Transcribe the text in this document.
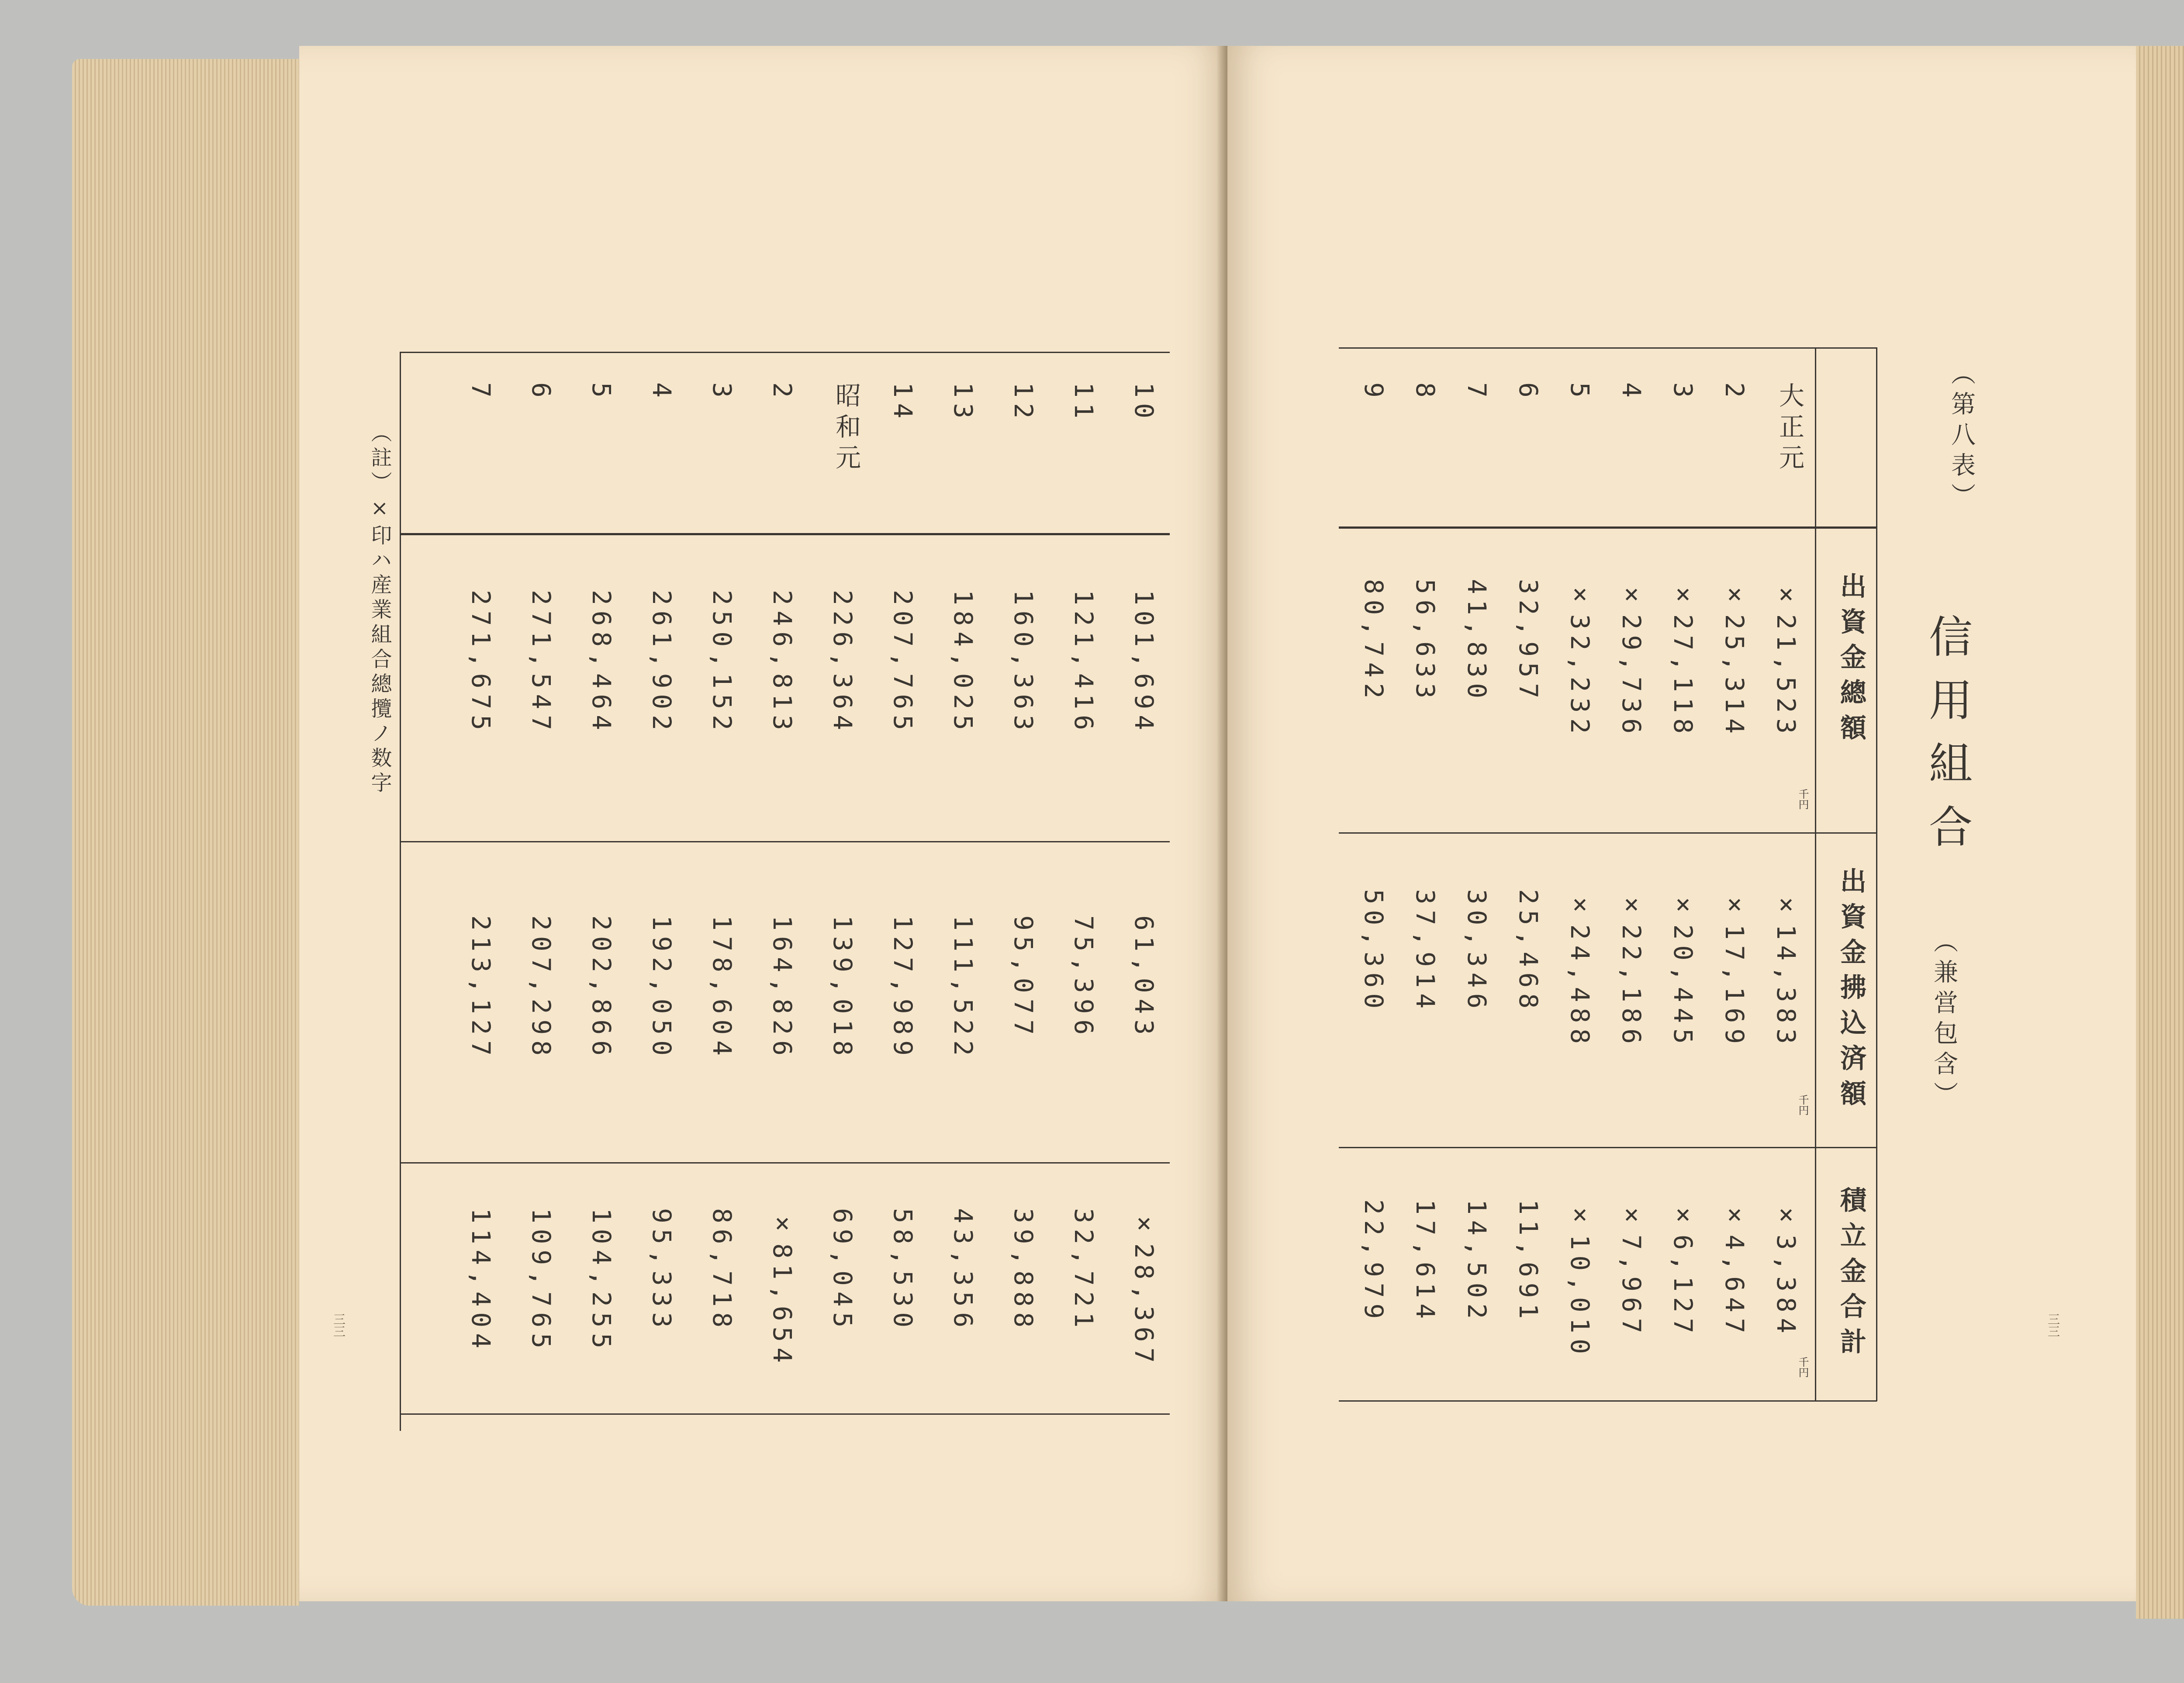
10
11
12
13
14
昭和元
2
3
4
5
6
7
101,694
121,416
160,363
184,025
207,765
226,364
246,813
250,152
261,902
268,464
271,547
271,675
61,043
75,396
95,077
111,522
127,989
139,018
164,826
178,604
192,050
202,866
207,298
213,127
×28,367
32,721
39,888
43,356
58,530
69,045
×81,654
86,718
95,333
104,255
109,765
114,404
（註）×印ハ産業組合總攬ノ数字
三三
（第八表）
信用組合
（兼営包含）
出資金總額
出資金拂込済額
積立金合計
千円
千円
千円
大正元
2
3
4
5
6
7
8
9
×21,523
×25,314
×27,118
×29,736
×32,232
32,957
41,830
56,633
80,742
×14,383
×17,169
×20,445
×22,186
×24,488
25,468
30,346
37,914
50,360
×3,384
×4,647
×6,127
×7,967
×10,010
11,691
14,502
17,614
22,979
三三
